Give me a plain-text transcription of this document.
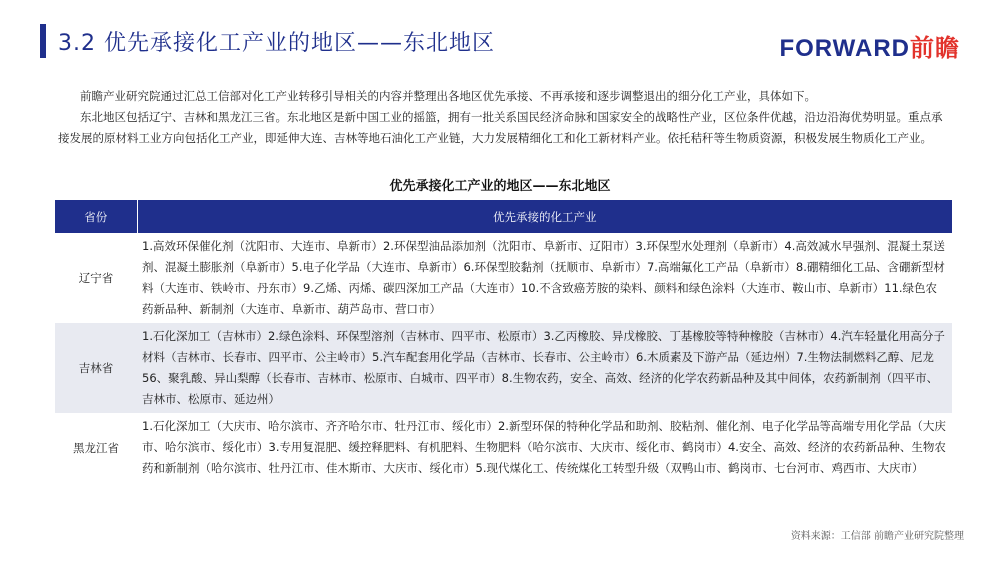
3.2 优先承接化工产业的地区——东北地区	FORWARD前瞻

前瞻产业研究院通过汇总工信部对化工产业转移引导相关的内容并整理出各地区优先承接、不再承接和逐步调整退出的细分化工产业，具体如下。

东北地区包括辽宁、吉林和黑龙江三省。东北地区是新中国工业的摇篮，拥有一批关系国民经济命脉和国家安全的战略性产业，区位条件优越，沿边沿海优势明显。重点承接发展的原材料工业方向包括化工产业，即延伸大连、吉林等地石油化工产业链，大力发展精细化工和化工新材料产业。依托秸秆等生物质资源，积极发展生物质化工产业。

优先承接化工产业的地区——东北地区
省份	优先承接的化工产业
辽宁省	1.高效环保催化剂（沈阳市、大连市、阜新市）2.环保型油品添加剂（沈阳市、阜新市、辽阳市）3.环保型水处理剂（阜新市）4.高效减水早强剂、混凝土泵送剂、混凝土膨胀剂（阜新市）5.电子化学品（大连市、阜新市）6.环保型胶黏剂（抚顺市、阜新市）7.高端氟化工产品（阜新市）8.硼精细化工品、含硼新型材料（大连市、铁岭市、丹东市）9.乙烯、丙烯、碳四深加工产品（大连市）10.不含致癌芳胺的染料、颜料和绿色涂料（大连市、鞍山市、阜新市）11.绿色农药新品种、新制剂（大连市、阜新市、葫芦岛市、营口市）
吉林省	1.石化深加工（吉林市）2.绿色涂料、环保型溶剂（吉林市、四平市、松原市）3.乙丙橡胶、异戊橡胶、丁基橡胶等特种橡胶（吉林市）4.汽车轻量化用高分子材料（吉林市、长春市、四平市、公主岭市）5.汽车配套用化学品（吉林市、长春市、公主岭市）6.木质素及下游产品（延边州）7.生物法制燃料乙醇、尼龙56、聚乳酸、异山梨醇（长春市、吉林市、松原市、白城市、四平市）8.生物农药，安全、高效、经济的化学农药新品种及其中间体，农药新制剂（四平市、吉林市、松原市、延边州）
黑龙江省	1.石化深加工（大庆市、哈尔滨市、齐齐哈尔市、牡丹江市、绥化市）2.新型环保的特种化学品和助剂、胶粘剂、催化剂、电子化学品等高端专用化学品（大庆市、哈尔滨市、绥化市）3.专用复混肥、缓控释肥料、有机肥料、生物肥料（哈尔滨市、大庆市、绥化市、鹤岗市）4.安全、高效、经济的农药新品种、生物农药和新制剂（哈尔滨市、牡丹江市、佳木斯市、大庆市、绥化市）5.现代煤化工、传统煤化工转型升级（双鸭山市、鹤岗市、七台河市、鸡西市、大庆市）
资料来源：工信部 前瞻产业研究院整理
